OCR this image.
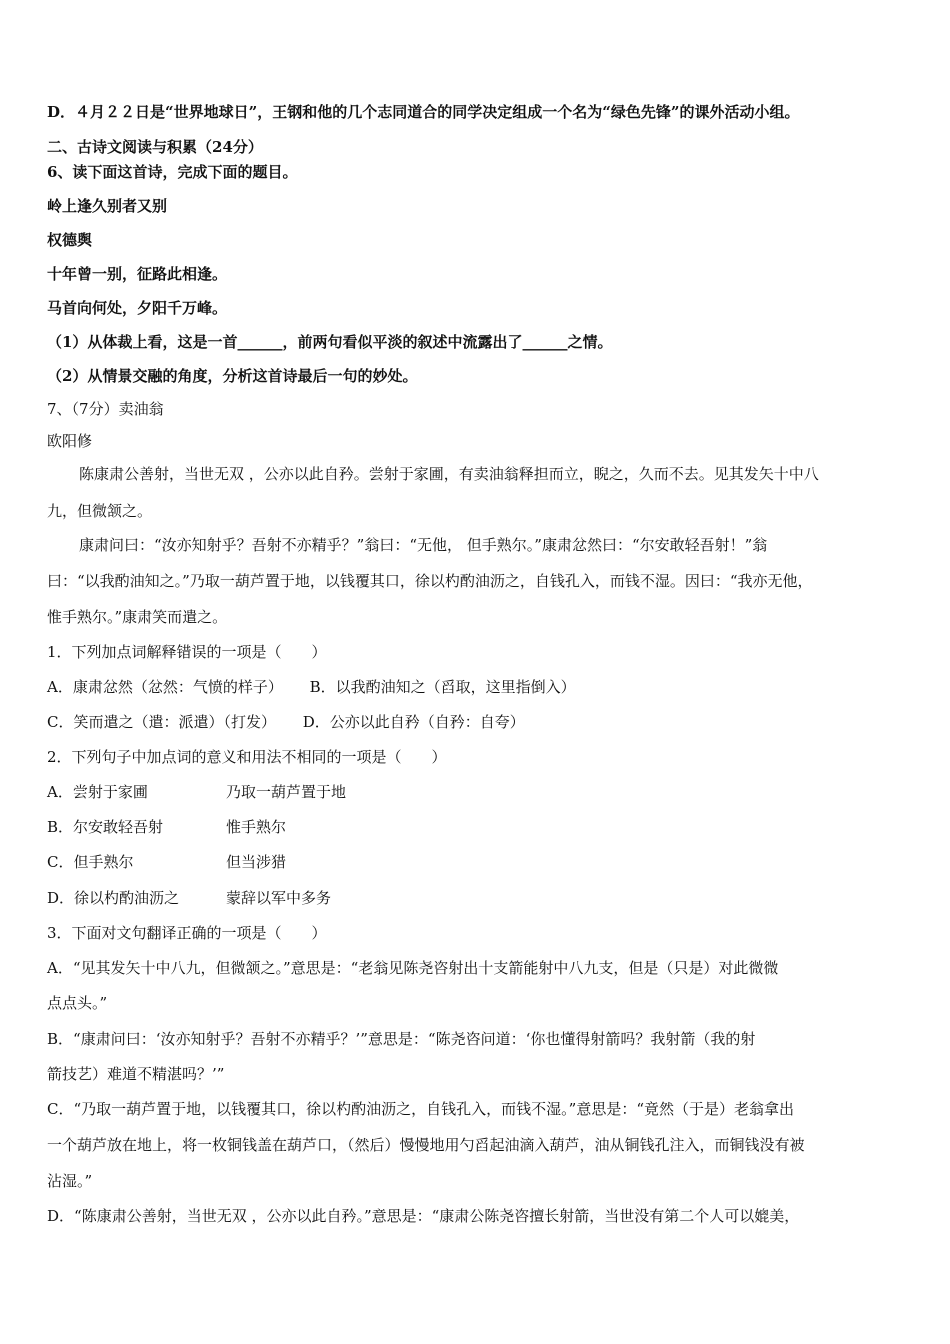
D．４月２２日是“世界地球日”，王钢和他的几个志同道合的同学决定组成一个名为“绿色先锋”的课外活动小组。
二、古诗文阅读与积累（24分）
6、读下面这首诗，完成下面的题目。
岭上逢久别者又别
权德舆
十年曾一别，征路此相逢。
马首向何处，夕阳千万峰。
（1）从体裁上看，这是一首______，前两句看似平淡的叙述中流露出了______之情。
（2）从情景交融的角度，分析这首诗最后一句的妙处。
7、（7分）卖油翁
欧阳修
陈康肃公善射，当世无双 ，公亦以此自矜。尝射于家圃，有卖油翁释担而立，睨之，久而不去。见其发矢十中八
九，但微颔之。
康肃问曰：“汝亦知射乎？吾射不亦精乎？”翁曰：“无他， 但手熟尔。”康肃忿然曰：“尔安敢轻吾射！”翁
曰：“以我酌油知之。”乃取一葫芦置于地，以钱覆其口，徐以杓酌油沥之，自钱孔入，而钱不湿。因曰：“我亦无他，
惟手熟尔。”康肃笑而遣之。
1．下列加点词解释错误的一项是（　　）
A．康肃忿然（忿然：气愤的样子） B．以我酌油知之（舀取，这里指倒入）
C．笑而遣之（遣：派遣）（打发） D．公亦以此自矜（自矜：自夸）
2．下列句子中加点词的意义和用法不相同的一项是（　　）
A．尝射于家圃	乃取一葫芦置于地
B．尔安敢轻吾射	惟手熟尔
C．但手熟尔	但当涉猎
D．徐以杓酌油沥之	蒙辞以军中多务
3．下面对文句翻译正确的一项是（　　）
A．“见其发矢十中八九，但微颔之。”意思是：“老翁见陈尧咨射出十支箭能射中八九支，但是（只是）对此微微
点点头。”
B．“康肃问曰：‘汝亦知射乎？吾射不亦精乎？’”意思是：“陈尧咨问道：‘你也懂得射箭吗？我射箭（我的射
箭技艺）难道不精湛吗？’”
C．“乃取一葫芦置于地，以钱覆其口，徐以杓酌油沥之，自钱孔入，而钱不湿。”意思是：“竟然（于是）老翁拿出
一个葫芦放在地上，将一枚铜钱盖在葫芦口，（然后）慢慢地用勺舀起油滴入葫芦，油从铜钱孔注入，而铜钱没有被
沾湿。”
D．“陈康肃公善射，当世无双 ，公亦以此自矜。”意思是：“康肃公陈尧咨擅长射箭，当世没有第二个人可以媲美，
